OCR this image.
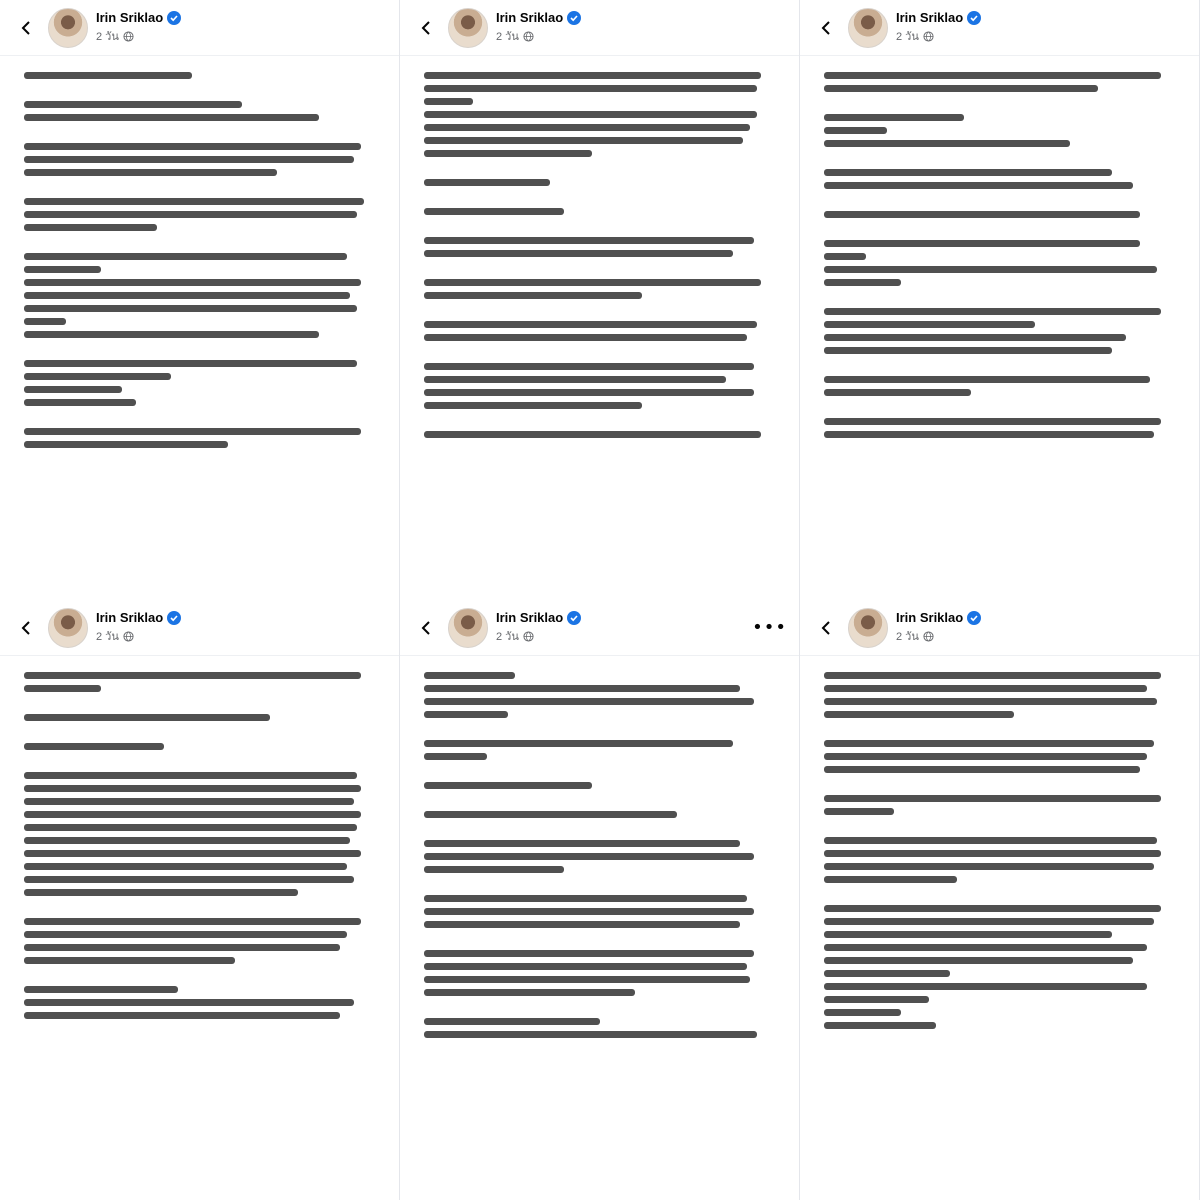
Irin Sriklao
2 วัน
Irin Sriklao
2 วัน
Irin Sriklao
2 วัน
Irin Sriklao
2 วัน
Irin Sriklao
2 วัน	•••	Irin Sriklao
2 วัน
